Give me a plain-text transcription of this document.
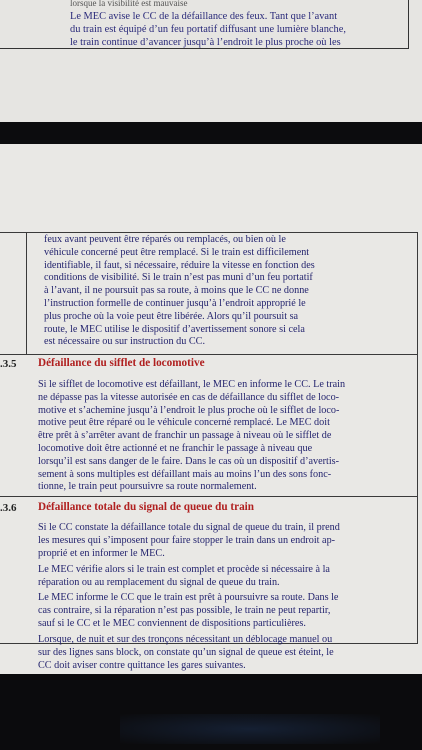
lorsque la visibilité est mauvaise
Le MEC avise le CC de la défaillance des feux. Tant que l’avant
du train est équipé d’un feu portatif diffusant une lumière blanche,
le train continue d’avancer jusqu’à l’endroit le plus proche où les
feux avant peuvent être réparés ou remplacés, ou bien où le
véhicule concerné peut être remplacé. Si le train est difficilement
identifiable, il faut, si nécessaire, réduire la vitesse en fonction des
conditions de visibilité. Si le train n’est pas muni d’un feu portatif
à l’avant, il ne poursuit pas sa route, à moins que le CC ne donne
l’instruction formelle de continuer jusqu’à l’endroit approprié le
plus proche où la voie peut être libérée. Alors qu’il poursuit sa
route, le MEC utilise le dispositif d’avertissement sonore si cela
est nécessaire ou sur instruction du CC.
.3.5 Défaillance du sifflet de locomotive
Si le sifflet de locomotive est défaillant, le MEC en informe le CC. Le train
ne dépasse pas la vitesse autorisée en cas de défaillance du sifflet de loco-
motive et s’achemine jusqu’à l’endroit le plus proche où le sifflet de loco-
motive peut être réparé ou le véhicule concerné remplacé. Le MEC doit
être prêt à s’arrêter avant de franchir un passage à niveau où le sifflet de
locomotive doit être actionné et ne franchir le passage à niveau que
lorsqu’il est sans danger de le faire. Dans le cas où un dispositif d’avertis-
sement à sons multiples est défaillant mais au moins l’un des sons fonc-
tionne, le train peut poursuivre sa route normalement.
.3.6 Défaillance totale du signal de queue du train
Si le CC constate la défaillance totale du signal de queue du train, il prend
les mesures qui s’imposent pour faire stopper le train dans un endroit ap-
proprié et en informer le MEC.
Le MEC vérifie alors si le train est complet et procède si nécessaire à la
réparation ou au remplacement du signal de queue du train.
Le MEC informe le CC que le train est prêt à poursuivre sa route. Dans le
cas contraire, si la réparation n’est pas possible, le train ne peut repartir,
sauf si le CC et le MEC conviennent de dispositions particulières.
Lorsque, de nuit et sur des tronçons nécessitant un déblocage manuel ou
sur des lignes sans block, on constate qu’un signal de queue est éteint, le
CC doit aviser contre quittance les gares suivantes.
